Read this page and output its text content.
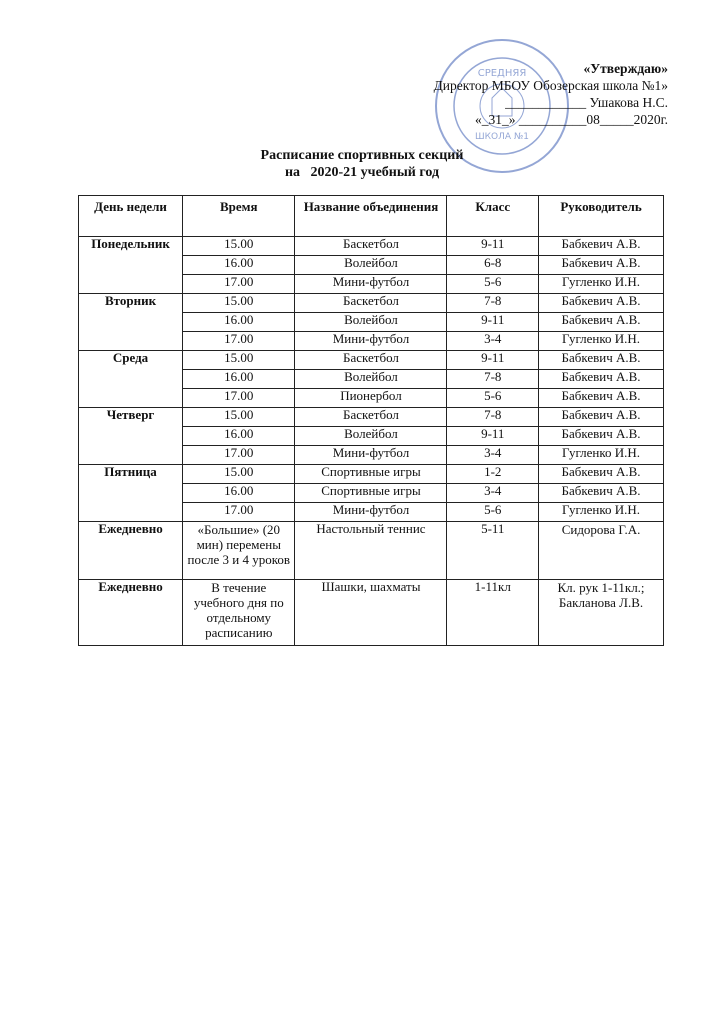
СРЕДНЯЯ
ШКОЛА №1
«Утверждаю»
Директор МБОУ Обозерская школа №1»
____________ Ушакова Н.С.
«_31_» __________08_____2020г.
Расписание спортивных секций
на   2020-21 учебный год
День недели	Время	Название объединения	Класс	Руководитель
Понедельник	15.00	Баскетбол	9-11	Бабкевич А.В.
	16.00	Волейбол	6-8	Бабкевич А.В.
	17.00	Мини-футбол	5-6	Гугленко И.Н.
Вторник	15.00	Баскетбол	7-8	Бабкевич А.В.
	16.00	Волейбол	9-11	Бабкевич А.В.
	17.00	Мини-футбол	3-4	Гугленко И.Н.
Среда	15.00	Баскетбол	9-11	Бабкевич А.В.
	16.00	Волейбол	7-8	Бабкевич А.В.
	17.00	Пионербол	5-6	Бабкевич А.В.
Четверг	15.00	Баскетбол	7-8	Бабкевич А.В.
	16.00	Волейбол	9-11	Бабкевич А.В.
	17.00	Мини-футбол	3-4	Гугленко И.Н.
Пятница	15.00	Спортивные игры	1-2	Бабкевич А.В.
	16.00	Спортивные игры	3-4	Бабкевич А.В.
	17.00	Мини-футбол	5-6	Гугленко И.Н.
Ежедневно	«Большие» (20 мин) перемены после 3 и 4 уроков	Настольный теннис	5-11	Сидорова Г.А.
Ежедневно	В течение учебного дня по отдельному расписанию	Шашки, шахматы	1-11кл	Кл. рук 1-11кл.; Бакланова Л.В.
